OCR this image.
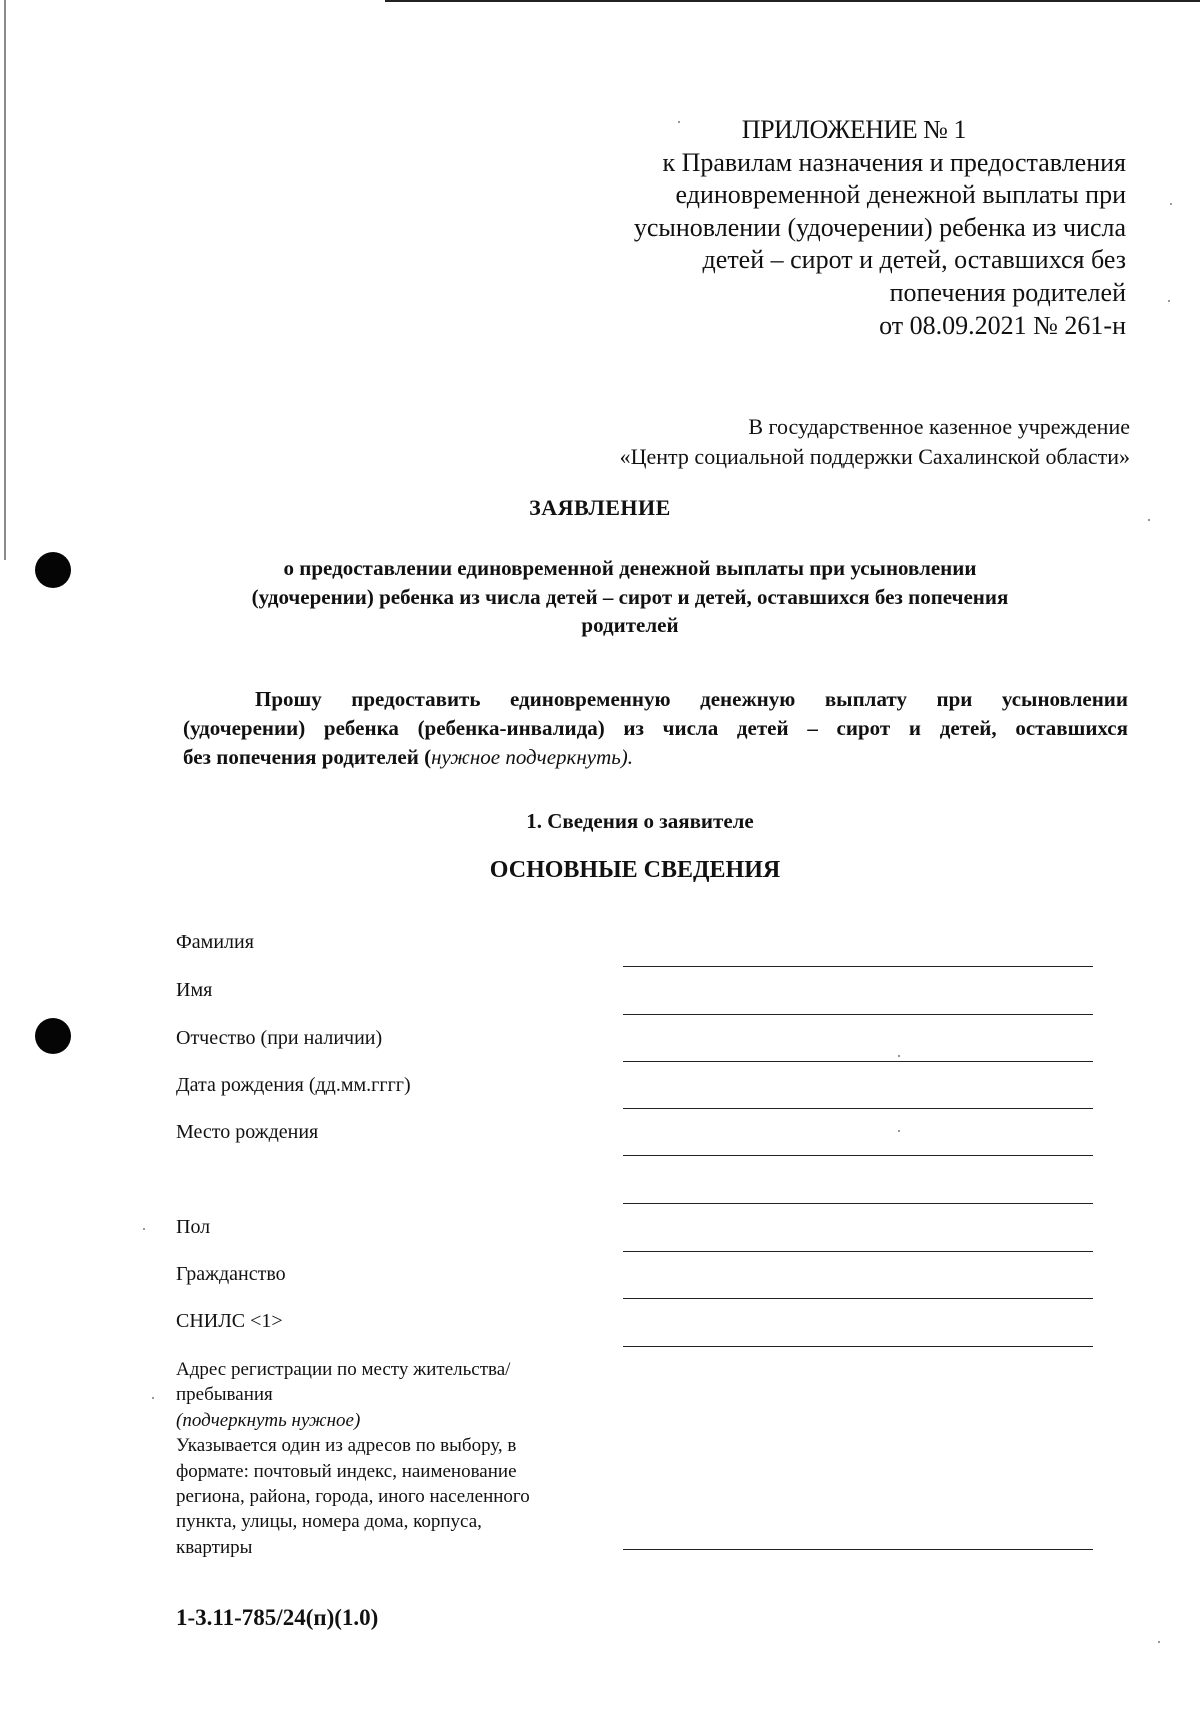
ПРИЛОЖЕНИЕ № 1
к Правилам назначения и предоставления
единовременной денежной выплаты при
усыновлении (удочерении) ребенка из числа
детей – сирот и детей, оставшихся без
попечения родителей
от 08.09.2021 № 261-н
В государственное казенное учреждение
«Центр социальной поддержки Сахалинской области»
ЗАЯВЛЕНИЕ
о предоставлении единовременной денежной выплаты при усыновлении
(удочерении) ребенка из числа детей – сирот и детей, оставшихся без попечения
родителей
Прошу предоставить единовременную денежную выплату при усыновлении
(удочерении) ребенка (ребенка-инвалида) из числа детей – сирот и детей, оставшихся
без попечения родителей (нужное подчеркнуть).
1. Сведения о заявителе
ОСНОВНЫЕ СВЕДЕНИЯ
Фамилия
Имя
Отчество (при наличии)
Дата рождения (дд.мм.гггг)
Место рождения
Пол
Гражданство
СНИЛС <1>
Адрес регистрации по месту жительства/
пребывания
(подчеркнуть нужное)
Указывается один из адресов по выбору, в
формате: почтовый индекс, наименование
региона, района, города, иного населенного
пункта, улицы, номера дома, корпуса,
квартиры
1-3.11-785/24(п)(1.0)
